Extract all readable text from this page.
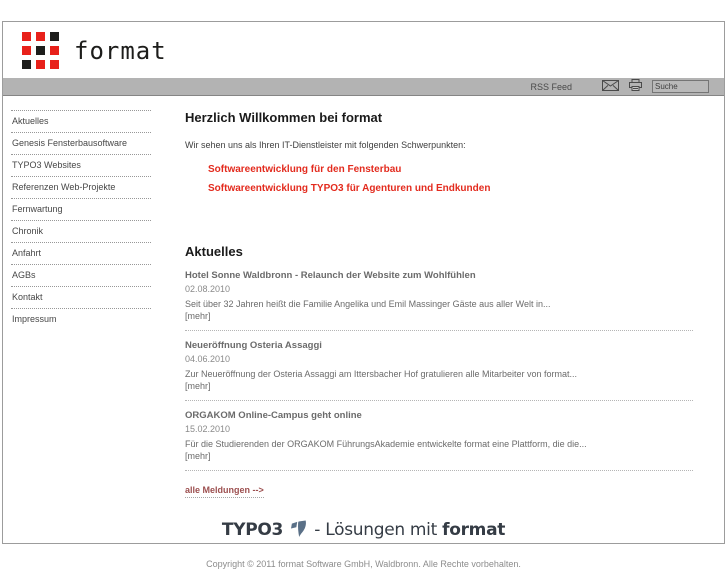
format
RSS Feed
Suche
Aktuelles
Genesis Fensterbausoftware
TYPO3 Websites
Referenzen Web-Projekte
Fernwartung
Chronik
Anfahrt
AGBs
Kontakt
Impressum
Herzlich Willkommen bei format

Wir sehen uns als Ihren IT-Dienstleister mit folgenden Schwerpunkten:

Softwareentwicklung für den Fensterbau
Softwareentwicklung TYPO3 für Agenturen und Endkunden
Aktuelles
Hotel Sonne Waldbronn - Relaunch der Website zum Wohlfühlen
02.08.2010
Seit über 32 Jahren heißt die Familie Angelika und Emil Massinger Gäste aus aller Welt in...
[mehr]
Neueröffnung Osteria Assaggi
04.06.2010
Zur Neueröffnung der Osteria Assaggi am Ittersbacher Hof gratulieren alle Mitarbeiter von format...
[mehr]
ORGAKOM Online-Campus geht online
15.02.2010
Für die Studierenden der ORGAKOM FührungsAkademie entwickelte format eine Plattform, die die...
[mehr]
alle Meldungen -->
TYPO3 - Lösungen mit format
Copyright © 2011 format Software GmbH, Waldbronn. Alle Rechte vorbehalten.
